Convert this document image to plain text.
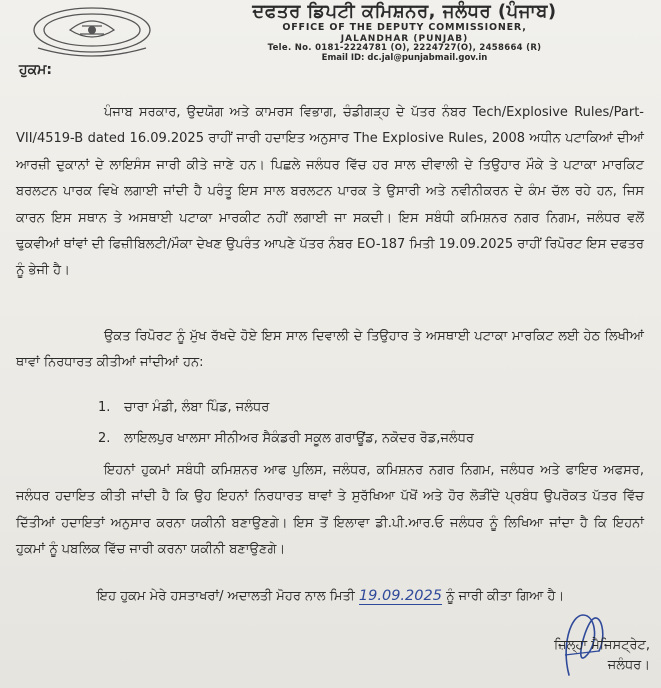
ਦਫਤਰ ਡਿਪਟੀ ਕਮਿਸ਼ਨਰ, ਜਲੰਧਰ (ਪੰਜਾਬ)
OFFICE OF THE DEPUTY COMMISSIONER,
JALANDHAR (PUNJAB)
Tele. No. 0181-2224781 (O), 2224727(O), 2458664 (R)
Email ID: dc.jal@punjabmail.gov.in
ਹੁਕਮ:

ਪੰਜਾਬ ਸਰਕਾਰ, ਉਦਯੋਗ ਅਤੇ ਕਾਮਰਸ ਵਿਭਾਗ, ਚੰਡੀਗੜ੍ਹ ਦੇ ਪੱਤਰ ਨੰਬਰ Tech/Explosive Rules/Part-VII/4519-B dated 16.09.2025 ਰਾਹੀਂ ਜਾਰੀ ਹਦਾਇਤ ਅਨੁਸਾਰ The Explosive Rules, 2008 ਅਧੀਨ ਪਟਾਕਿਆਂ ਦੀਆਂ ਆਰਜ਼ੀ ਦੁਕਾਨਾਂ ਦੇ ਲਾਇਸੰਸ ਜਾਰੀ ਕੀਤੇ ਜਾਣੇ ਹਨ। ਪਿਛਲੇ ਜਲੰਧਰ ਵਿੱਚ ਹਰ ਸਾਲ ਦੀਵਾਲੀ ਦੇ ਤਿਉਹਾਰ ਮੌਕੇ ਤੇ ਪਟਾਕਾ ਮਾਰਕਿਟ ਬਰਲਟਨ ਪਾਰਕ ਵਿਖੇ ਲਗਾਈ ਜਾਂਦੀ ਹੈ ਪਰੰਤੂ ਇਸ ਸਾਲ ਬਰਲਟਨ ਪਾਰਕ ਤੇ ਉਸਾਰੀ ਅਤੇ ਨਵੀਨੀਕਰਨ ਦੇ ਕੰਮ ਚੱਲ ਰਹੇ ਹਨ, ਜਿਸ ਕਾਰਨ ਇਸ ਸਥਾਨ ਤੇ ਅਸਥਾਈ ਪਟਾਕਾ ਮਾਰਕੀਟ ਨਹੀਂ ਲਗਾਈ ਜਾ ਸਕਦੀ। ਇਸ ਸਬੰਧੀ ਕਮਿਸ਼ਨਰ ਨਗਰ ਨਿਗਮ, ਜਲੰਧਰ ਵਲੋਂ ਢੁਕਵੀਆਂ ਥਾਂਵਾਂ ਦੀ ਫਿਜ਼ੀਬਿਲਟੀ/ਮੌਕਾ ਦੇਖਣ ਉਪਰੰਤ ਆਪਣੇ ਪੱਤਰ ਨੰਬਰ EO-187 ਮਿਤੀ 19.09.2025 ਰਾਹੀਂ ਰਿਪੋਰਟ ਇਸ ਦਫਤਰ ਨੂੰ ਭੇਜੀ ਹੈ।

ਉਕਤ ਰਿਪੋਰਟ ਨੂੰ ਮੁੱਖ ਰੱਖਦੇ ਹੋਏ ਇਸ ਸਾਲ ਦਿਵਾਲੀ ਦੇ ਤਿਉਹਾਰ ਤੇ ਅਸਥਾਈ ਪਟਾਕਾ ਮਾਰਕਿਟ ਲਈ ਹੇਠ ਲਿਖੀਆਂ ਥਾਵਾਂ ਨਿਰਧਾਰਤ ਕੀਤੀਆਂ ਜਾਂਦੀਆਂ ਹਨ:

1. ਚਾਰਾ ਮੰਡੀ, ਲੰਬਾ ਪਿੰਡ, ਜਲੰਧਰ
2. ਲਾਇਲਪੁਰ ਖਾਲਸਾ ਸੀਨੀਅਰ ਸੈਕੰਡਰੀ ਸਕੂਲ ਗਰਾਊਂਡ, ਨਕੋਦਰ ਰੋਡ,ਜਲੰਧਰ

ਇਹਨਾਂ ਹੁਕਮਾਂ ਸਬੰਧੀ ਕਮਿਸ਼ਨਰ ਆਫ ਪੁਲਿਸ, ਜਲੰਧਰ, ਕਮਿਸ਼ਨਰ ਨਗਰ ਨਿਗਮ, ਜਲੰਧਰ ਅਤੇ ਫਾਇਰ ਅਫਸਰ, ਜਲੰਧਰ ਹਦਾਇਤ ਕੀਤੀ ਜਾਂਦੀ ਹੈ ਕਿ ਉਹ ਇਹਨਾਂ ਨਿਰਧਾਰਤ ਥਾਵਾਂ ਤੇ ਸੁਰੱਖਿਆ ਪੱਖੋਂ ਅਤੇ ਹੋਰ ਲੋੜੀਂਦੇ ਪ੍ਰਬੰਧ ਉਪਰੋਕਤ ਪੱਤਰ ਵਿੱਚ ਦਿੱਤੀਆਂ ਹਦਾਇਤਾਂ ਅਨੁਸਾਰ ਕਰਨਾ ਯਕੀਨੀ ਬਣਾਉਣਗੇ। ਇਸ ਤੋਂ ਇਲਾਵਾ ਡੀ.ਪੀ.ਆਰ.ਓ ਜਲੰਧਰ ਨੂੰ ਲਿਖਿਆ ਜਾਂਦਾ ਹੈ ਕਿ ਇਹਨਾਂ ਹੁਕਮਾਂ ਨੂੰ ਪਬਲਿਕ ਵਿੱਚ ਜਾਰੀ ਕਰਨਾ ਯਕੀਨੀ ਬਣਾਉਣਗੇ।

ਇਹ ਹੁਕਮ ਮੇਰੇ ਹਸਤਾਖਰਾਂ/ ਅਦਾਲਤੀ ਮੋਹਰ ਨਾਲ ਮਿਤੀ 19.09.2025 ਨੂੰ ਜਾਰੀ ਕੀਤਾ ਗਿਆ ਹੈ।
ਜ਼ਿਲ੍ਹਾ ਮੈਜਿਸਟ੍ਰੇਟ,
ਜਲੰਧਰ।
